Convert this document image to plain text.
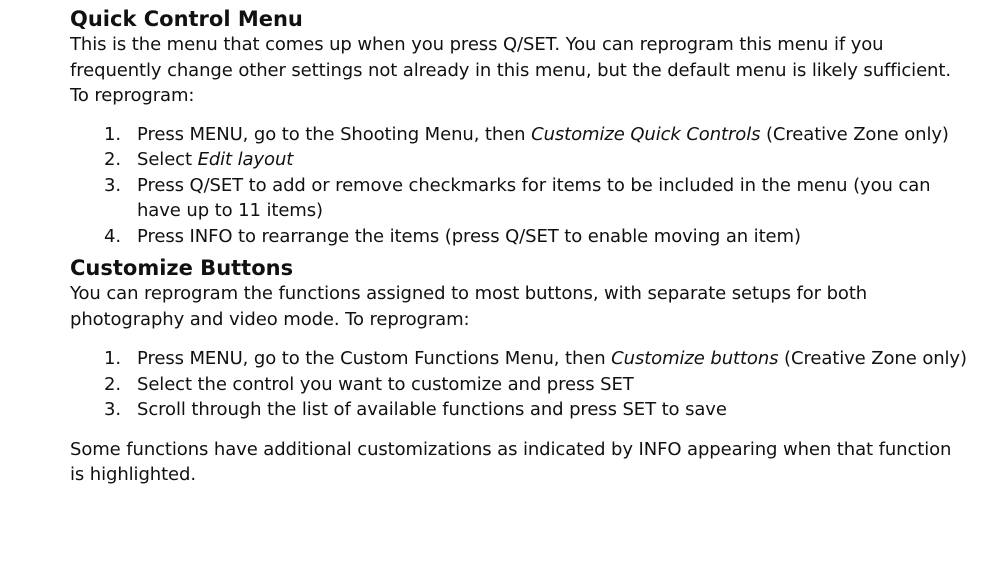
Quick Control Menu

This is the menu that comes up when you press Q/SET. You can reprogram this menu if you frequently change other settings not already in this menu, but the default menu is likely sufficient. To reprogram:

1. Press MENU, go to the Shooting Menu, then Customize Quick Controls (Creative Zone only)
2. Select Edit layout
3. Press Q/SET to add or remove checkmarks for items to be included in the menu (you can have up to 11 items)
4. Press INFO to rearrange the items (press Q/SET to enable moving an item)
Customize Buttons

You can reprogram the functions assigned to most buttons, with separate setups for both photography and video mode. To reprogram:

1. Press MENU, go to the Custom Functions Menu, then Customize buttons (Creative Zone only)
2. Select the control you want to customize and press SET
3. Scroll through the list of available functions and press SET to save

Some functions have additional customizations as indicated by INFO appearing when that function is highlighted.
